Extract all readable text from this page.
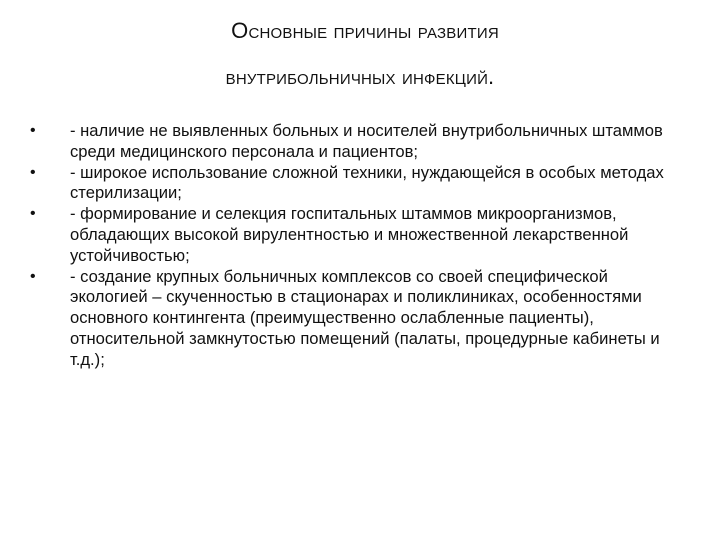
Основные причины развития
внутрибольничных инфекций.
•	- наличие не выявленных больных и носителей внутрибольничных штаммов среди медицинского персонала и пациентов;
•	- широкое использование сложной техники, нуждающейся в особых методах стерилизации;
•	- формирование и селекция госпитальных штаммов микроорганизмов, обладающих высокой вирулентностью и множественной лекарственной устойчивостью;
•	- создание крупных больничных комплексов со своей специфической экологией – скученностью в стационарах и поликлиниках, особенностями основного контингента (преимущественно ослабленные пациенты), относительной замкнутостью помещений (палаты, процедурные кабинеты и т.д.);
